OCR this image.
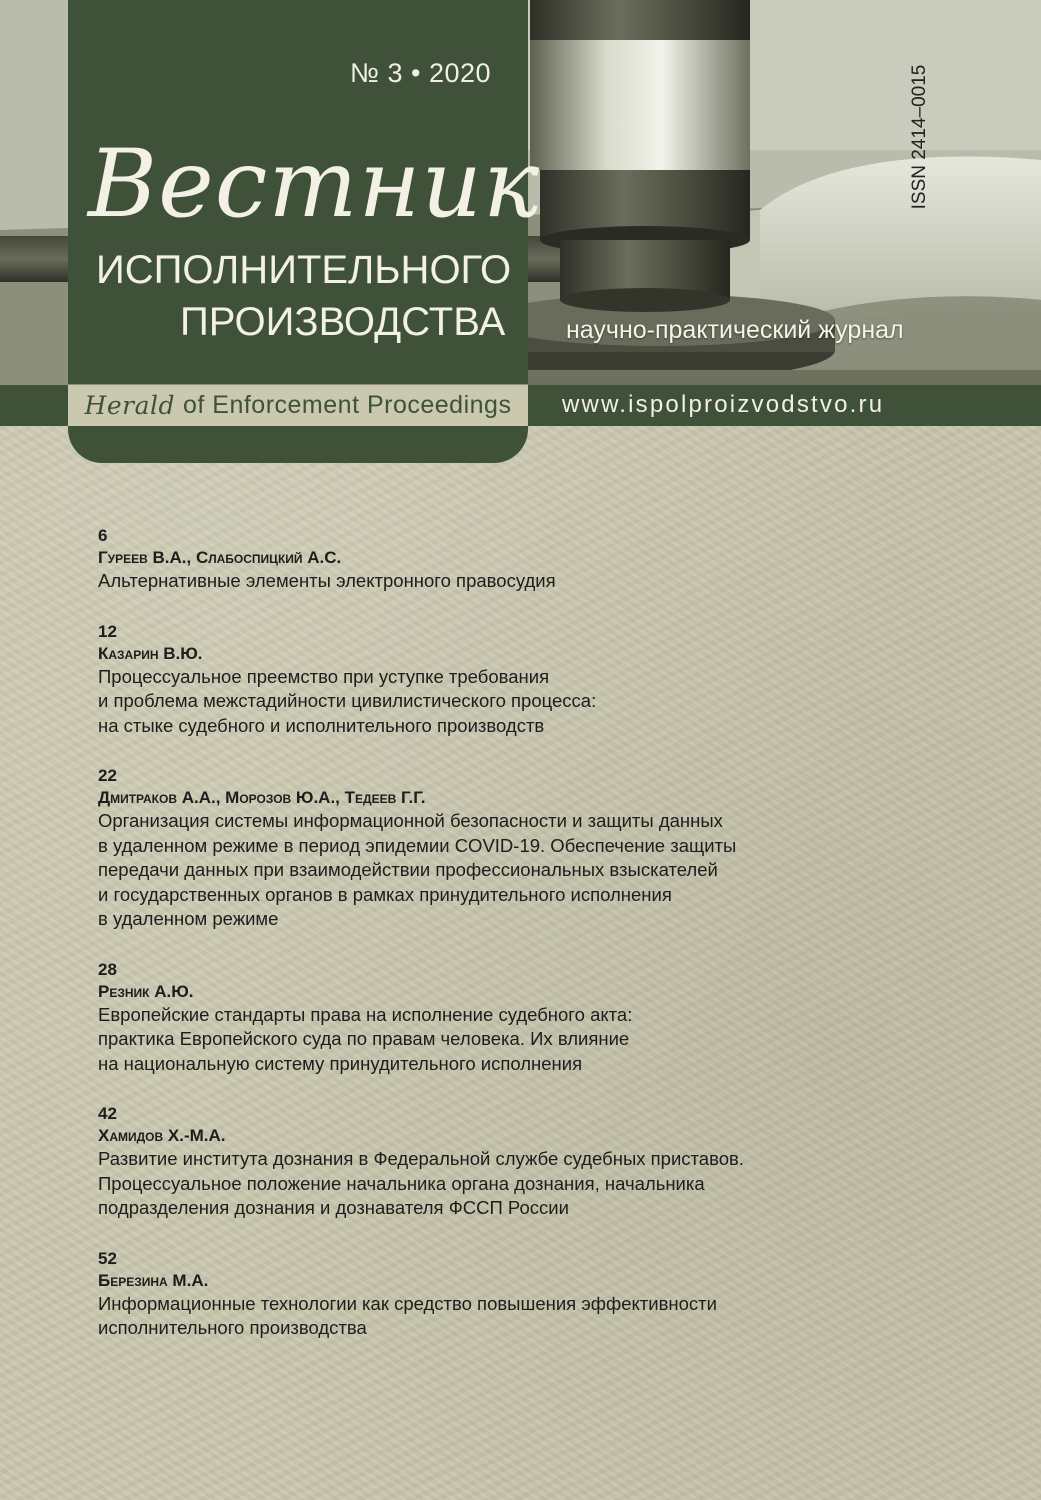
№ 3 • 2020
Вестник
ИСПОЛНИТЕЛЬНОГО
ПРОИЗВОДСТВА
Herald of Enforcement Proceedings
научно-практический журнал
www.ispolproizvodstvo.ru
ISSN 2414–0015
6
Гуреев В.А., Слабоспицкий А.С.
Альтернативные элементы электронного правосудия
12
Казарин В.Ю.
Процессуальное преемство при уступке требования
и проблема межстадийности цивилистического процесса:
на стыке судебного и исполнительного производств
22
Дмитраков А.А., Морозов Ю.А., Тедеев Г.Г.
Организация системы информационной безопасности и защиты данных
в удаленном режиме в период эпидемии COVID-19. Обеспечение защиты
передачи данных при взаимодействии профессиональных взыскателей
и государственных органов в рамках принудительного исполнения
в удаленном режиме
28
Резник А.Ю.
Европейские стандарты права на исполнение судебного акта:
практика Европейского суда по правам человека. Их влияние
на национальную систему принудительного исполнения
42
Хамидов Х.-М.А.
Развитие института дознания в Федеральной службе судебных приставов.
Процессуальное положение начальника органа дознания, начальника
подразделения дознания и дознавателя ФССП России
52
Березина М.А.
Информационные технологии как средство повышения эффективности
исполнительного производства
